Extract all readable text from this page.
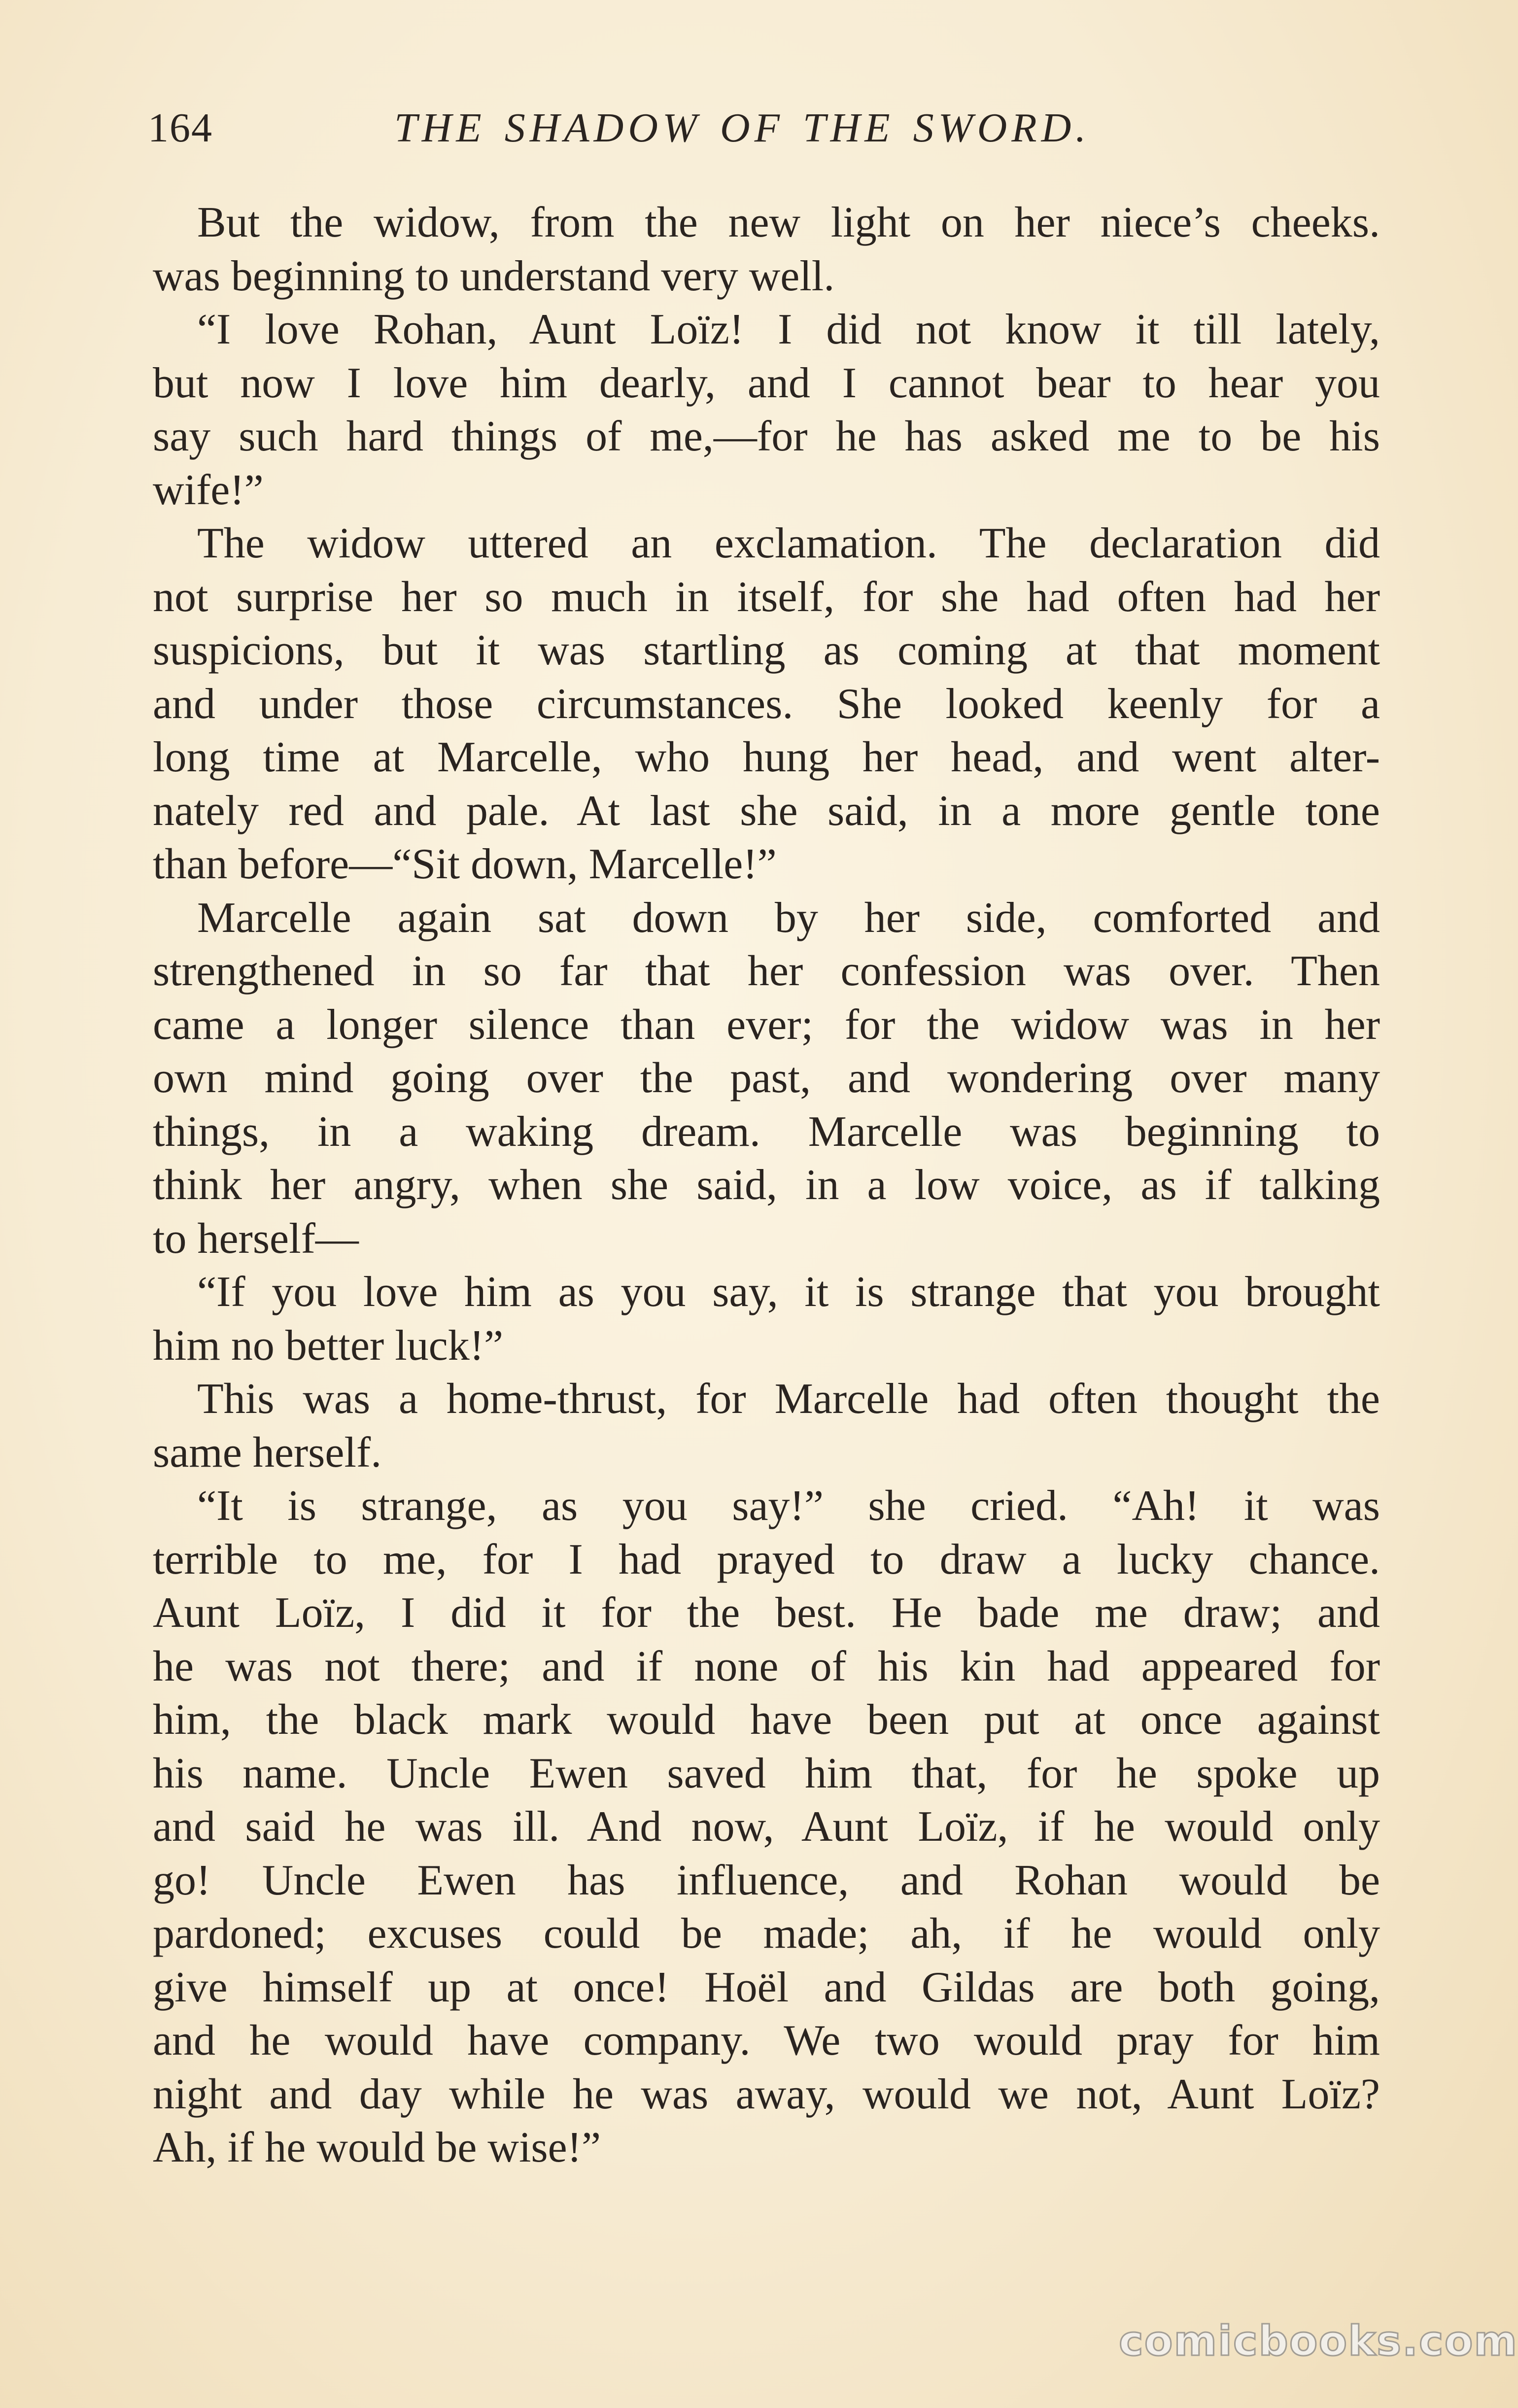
164	THE SHADOW OF THE SWORD.
But the widow, from the new light on her niece’s cheeks.
was beginning to understand very well.
“I love Rohan, Aunt Loïz! I did not know it till lately,
but now I love him dearly, and I cannot bear to hear you
say such hard things of me,—for he has asked me to be his
wife!”
The widow uttered an exclamation. The declaration did
not surprise her so much in itself, for she had often had her
suspicions, but it was startling as coming at that moment
and under those circumstances. She looked keenly for a
long time at Marcelle, who hung her head, and went alter-
nately red and pale. At last she said, in a more gentle tone
than before—“Sit down, Marcelle!”
Marcelle again sat down by her side, comforted and
strengthened in so far that her confession was over. Then
came a longer silence than ever; for the widow was in her
own mind going over the past, and wondering over many
things, in a waking dream. Marcelle was beginning to
think her angry, when she said, in a low voice, as if talking
to herself—
“If you love him as you say, it is strange that you brought
him no better luck!”
This was a home-thrust, for Marcelle had often thought the
same herself.
“It is strange, as you say!” she cried. “Ah! it was
terrible to me, for I had prayed to draw a lucky chance.
Aunt Loïz, I did it for the best. He bade me draw; and
he was not there; and if none of his kin had appeared for
him, the black mark would have been put at once against
his name. Uncle Ewen saved him that, for he spoke up
and said he was ill. And now, Aunt Loïz, if he would only
go! Uncle Ewen has influence, and Rohan would be
pardoned; excuses could be made; ah, if he would only
give himself up at once! Hoël and Gildas are both going,
and he would have company. We two would pray for him
night and day while he was away, would we not, Aunt Loïz?
Ah, if he would be wise!”
comicbooks.com
